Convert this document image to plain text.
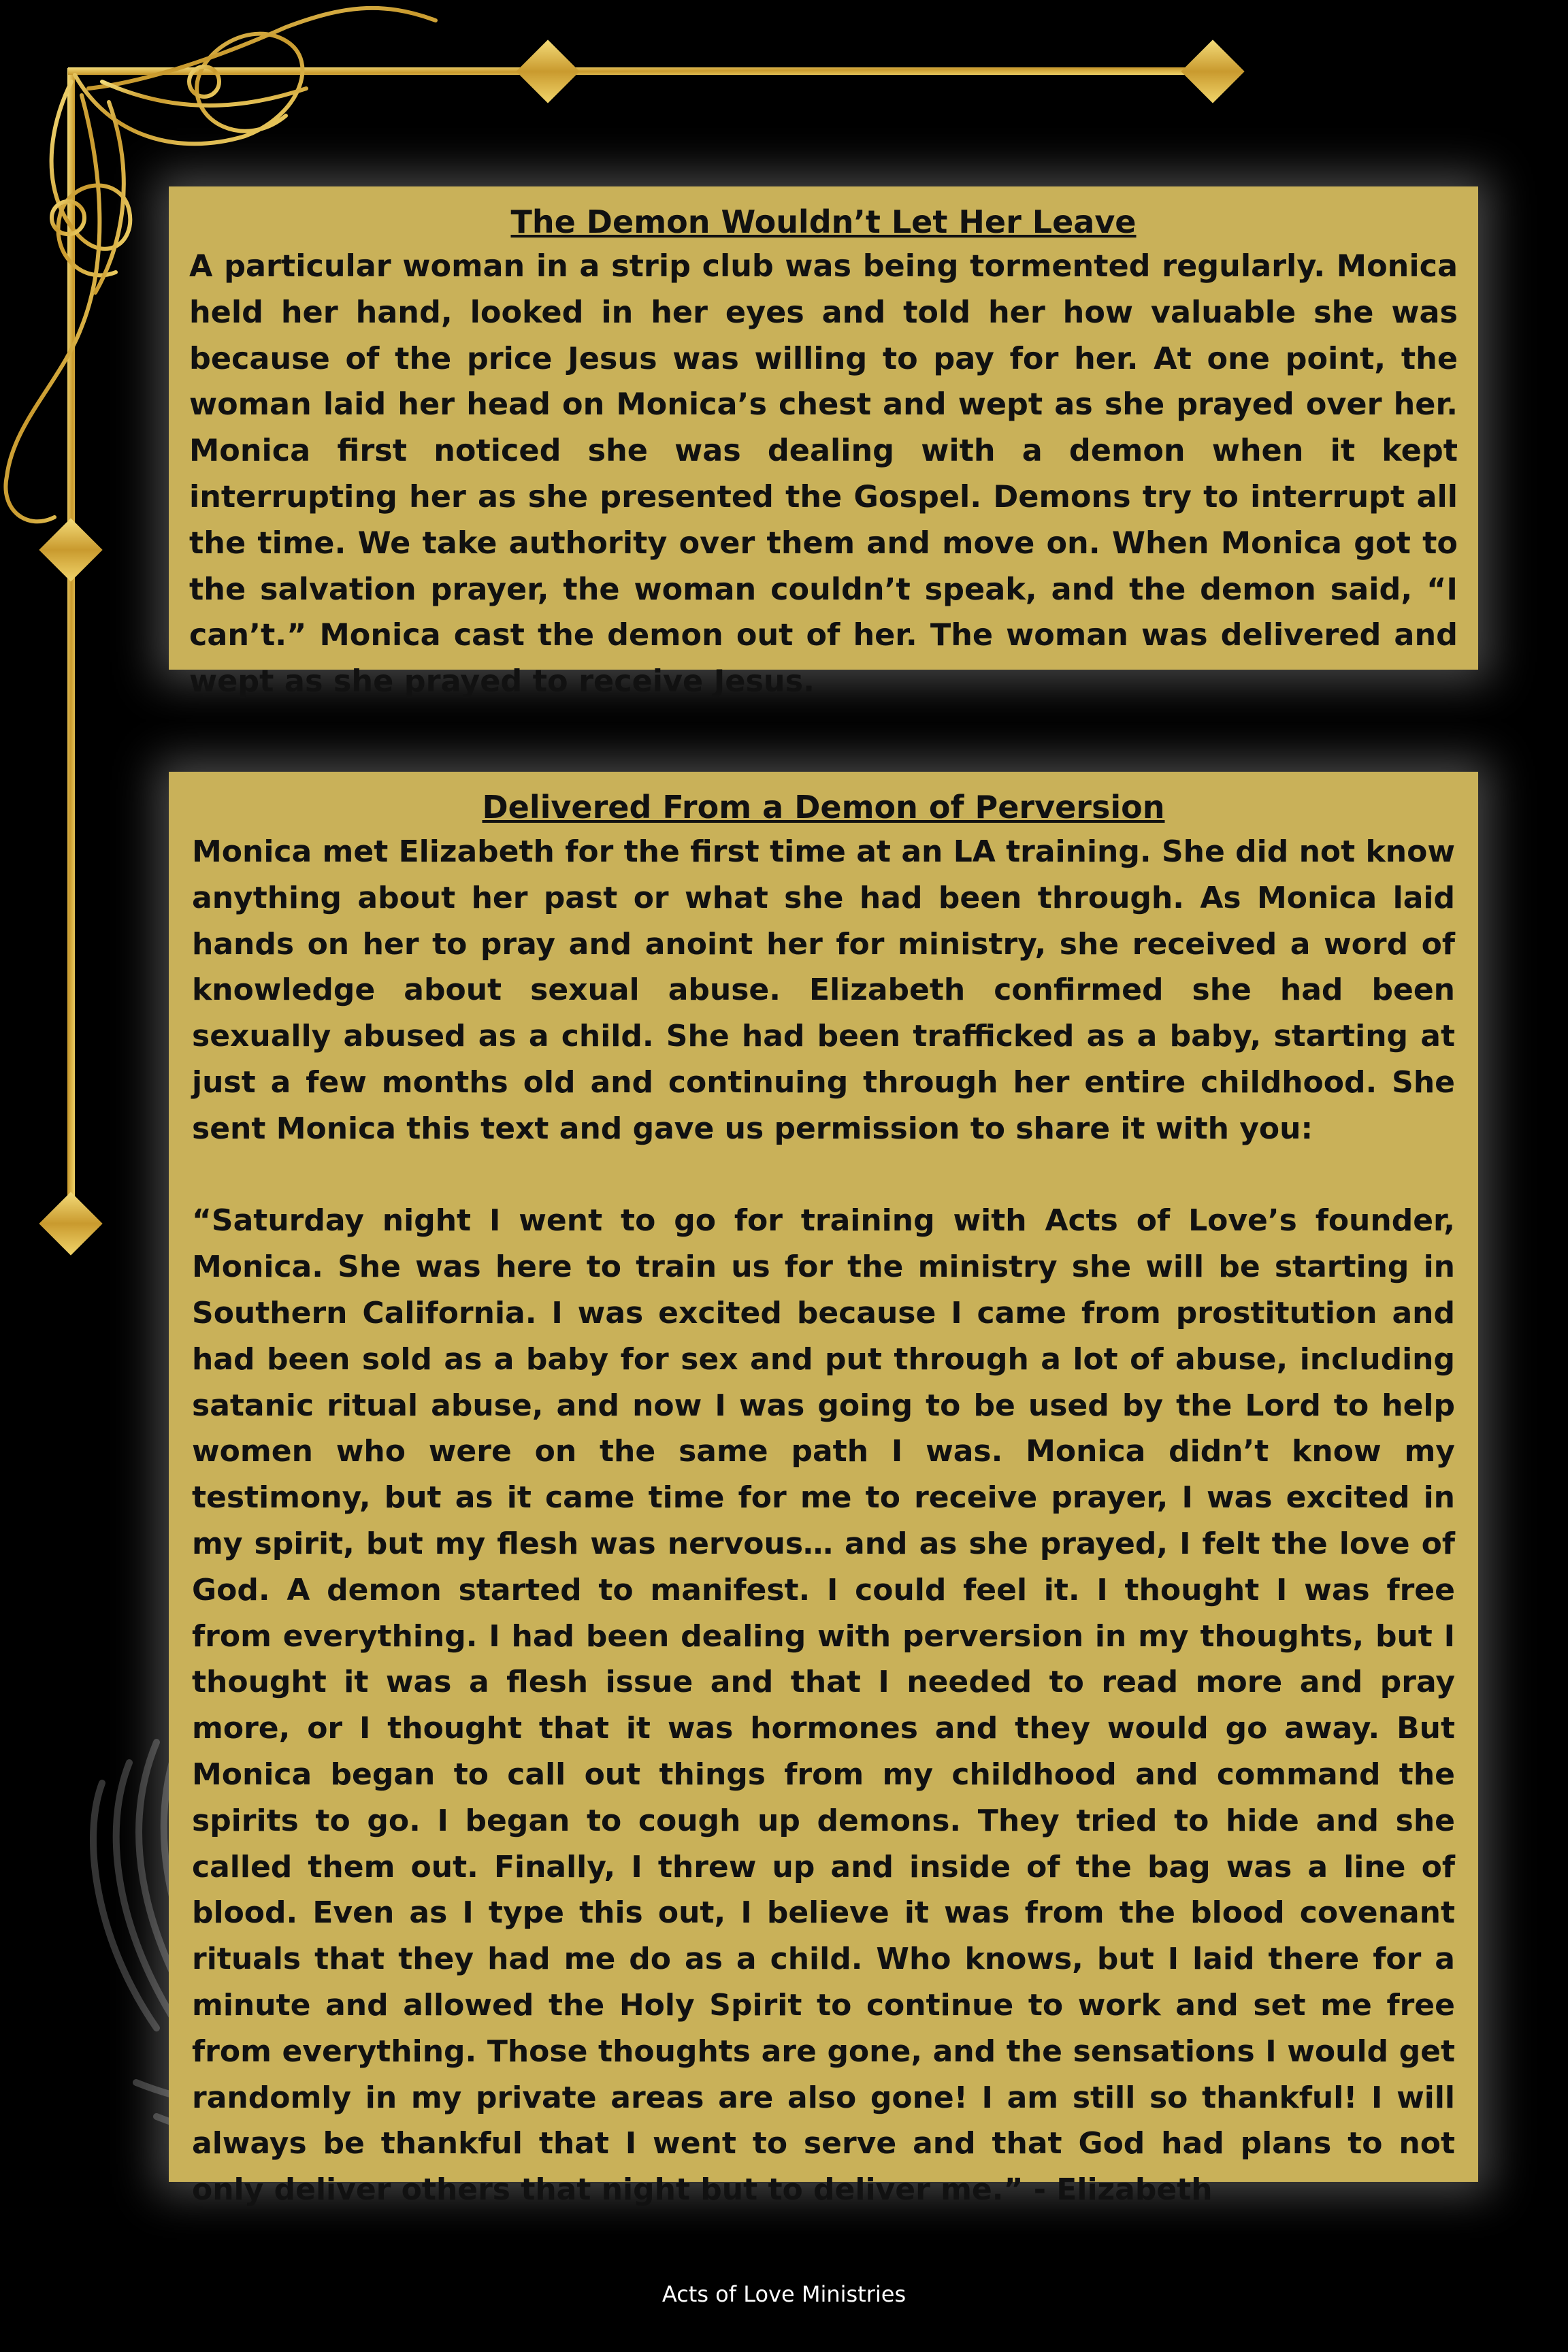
The Demon Wouldn’t Let Her Leave

A particular woman in a strip club was being tormented regularly. Monica held her hand, looked in her eyes and told her how valuable she was because of the price Jesus was willing to pay for her. At one point, the woman laid her head on Monica’s chest and wept as she prayed over her. Monica first noticed she was dealing with a demon when it kept interrupting her as she presented the Gospel. Demons try to interrupt all the time. We take authority over them and move on. When Monica got to the salvation prayer, the woman couldn’t speak, and the demon said, “I can’t.” Monica cast the demon out of her. The woman was delivered and wept as she prayed to receive Jesus.

Delivered From a Demon of Perversion

Monica met Elizabeth for the first time at an LA training. She did not know anything about her past or what she had been through. As Monica laid hands on her to pray and anoint her for ministry, she received a word of knowledge about sexual abuse. Elizabeth confirmed she had been sexually abused as a child. She had been trafficked as a baby, starting at just a few months old and continuing through her entire childhood. She sent Monica this text and gave us permission to share it with you:

“Saturday night I went to go for training with Acts of Love’s founder, Monica. She was here to train us for the ministry she will be starting in Southern California. I was excited because I came from prostitution and had been sold as a baby for sex and put through a lot of abuse, including satanic ritual abuse, and now I was going to be used by the Lord to help women who were on the same path I was. Monica didn’t know my testimony, but as it came time for me to receive prayer, I was excited in my spirit, but my flesh was nervous… and as she prayed, I felt the love of God. A demon started to manifest. I could feel it. I thought I was free from everything. I had been dealing with perversion in my thoughts, but I thought it was a flesh issue and that I needed to read more and pray more, or I thought that it was hormones and they would go away. But Monica began to call out things from my childhood and command the spirits to go. I began to cough up demons. They tried to hide and she called them out. Finally, I threw up and inside of the bag was a line of blood. Even as I type this out, I believe it was from the blood covenant rituals that they had me do as a child. Who knows, but I laid there for a minute and allowed the Holy Spirit to continue to work and set me free from everything. Those thoughts are gone, and the sensations I would get randomly in my private areas are also gone! I am still so thankful! I will always be thankful that I went to serve and that God had plans to not only deliver others that night but to deliver me.” - Elizabeth

Acts of Love Ministries
